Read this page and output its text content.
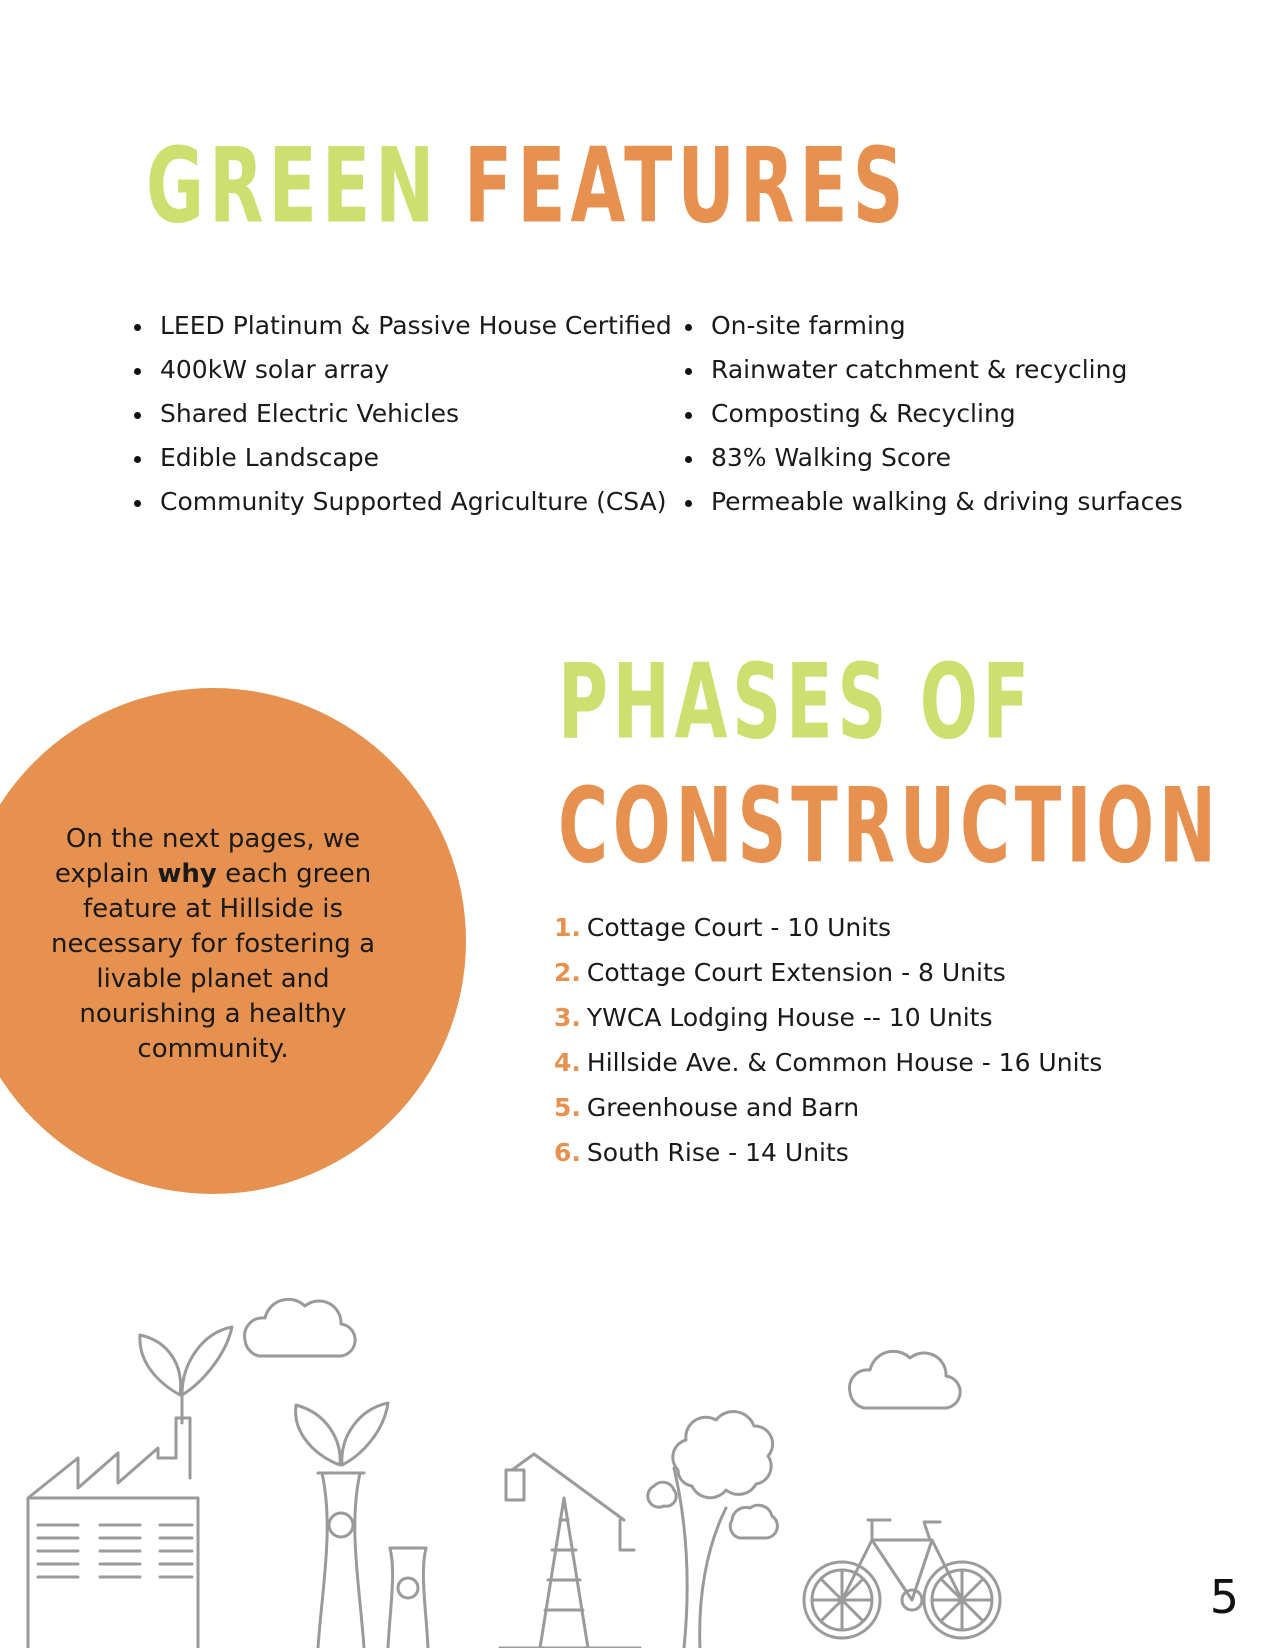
GREEN FEATURES
LEED Platinum & Passive House Certified
400kW solar array
Shared Electric Vehicles
Edible Landscape
Community Supported Agriculture (CSA)
On-site farming
Rainwater catchment & recycling
Composting & Recycling
83% Walking Score
Permeable walking & driving surfaces

On the next pages, we explain why each green feature at Hillside is necessary for fostering a livable planet and nourishing a healthy community.

PHASES OF
CONSTRUCTION
1. Cottage Court - 10 Units
2. Cottage Court Extension - 8 Units
3. YWCA Lodging House -- 10 Units
4. Hillside Ave. & Common House - 16 Units
5. Greenhouse and Barn
6. South Rise - 14 Units
5
